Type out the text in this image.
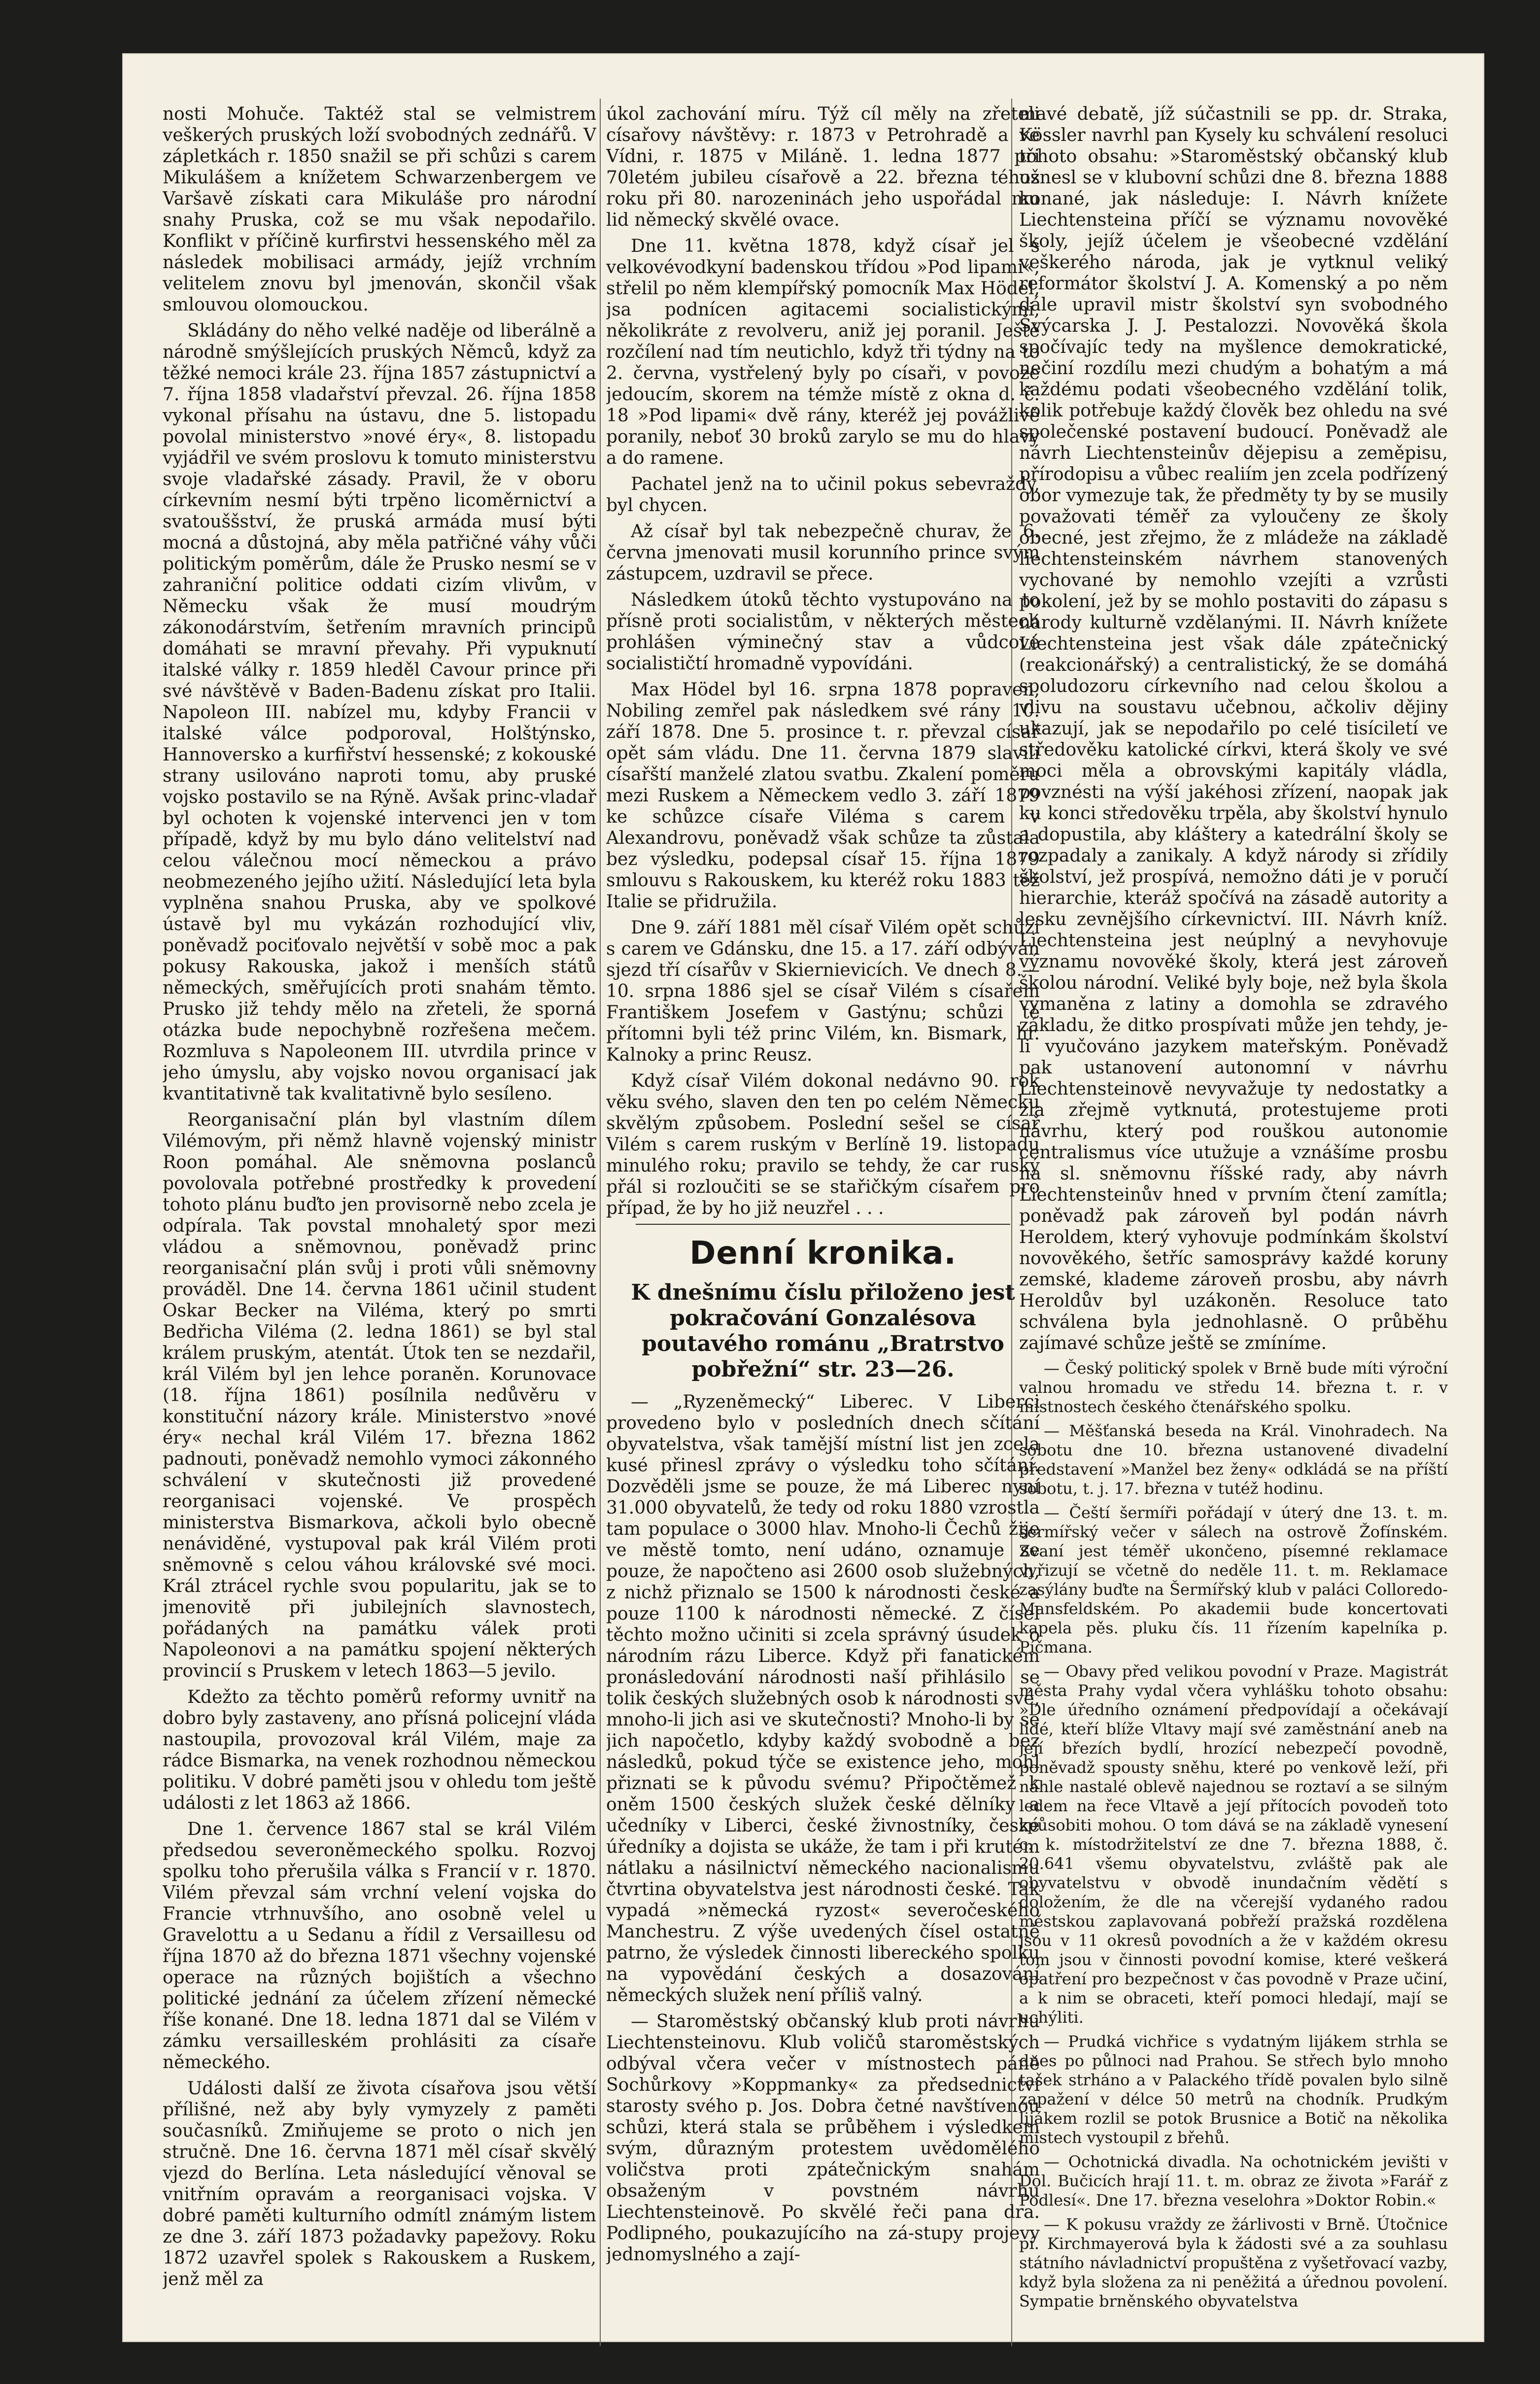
nosti Mohuče. Taktéž stal se velmistrem veškerých pruských loží svobodných zednářů. V zápletkách r. 1850 snažil se při schůzi s carem Mikulášem a knížetem Schwarzenbergem ve Varšavě získati cara Mikuláše pro národní snahy Pruska, což se mu však nepodařilo. Konflikt v příčině kurfirstvi hessenského měl za následek mobilisaci armády, jejíž vrchním velitelem znovu byl jmenován, skončil však smlouvou olomouckou.

Skládány do něho velké naděje od liberálně a národně smýšlejících pruských Němců, když za těžké nemoci krále 23. října 1857 zástupnictví a 7. října 1858 vladařství převzal. 26. října 1858 vykonal přísahu na ústavu, dne 5. listopadu povolal ministerstvo »nové éry«, 8. listopadu vyjádřil ve svém proslovu k tomuto ministerstvu svoje vladařské zásady. Pravil, že v oboru církevním nesmí býti trpěno licoměrnictví a svatouššství, že pruská armáda musí býti mocná a důstojná, aby měla patřičné váhy vůči politickým poměrům, dále že Prusko nesmí se v zahraniční politice oddati cizím vlivům, v Německu však že musí moudrým zákonodárstvím, šetřením mravních principů domáhati se mravní převahy. Při vypuknutí italské války r. 1859 hleděl Cavour prince při své návštěvě v Baden-Badenu získat pro Italii. Napoleon III. nabízel mu, kdyby Francii v italské válce podporoval, Holštýnsko, Hannoversko a kurfiřství hessenské; z kokouské strany usilováno naproti tomu, aby pruské vojsko postavilo se na Rýně. Avšak princ-vladař byl ochoten k vojenské intervenci jen v tom případě, když by mu bylo dáno velitelství nad celou válečnou mocí německou a právo neobmezeného jejího užití. Následující leta byla vyplněna snahou Pruska, aby ve spolkové ústavě byl mu vykázán rozhodující vliv, poněvadž pociťovalo největší v sobě moc a pak pokusy Rakouska, jakož i menších států německých, směřujících proti snahám těmto. Prusko již tehdy mělo na zřeteli, že sporná otázka bude nepochybně rozřešena mečem. Rozmluva s Napoleonem III. utvrdila prince v jeho úmyslu, aby vojsko novou organisací jak kvantitativně tak kvalitativně bylo sesíleno.

Reorganisační plán byl vlastním dílem Vilémovým, při němž hlavně vojenský ministr Roon pomáhal. Ale sněmovna poslanců povolovala potřebné prostředky k provedení tohoto plánu buďto jen provisorně nebo zcela je odpírala. Tak povstal mnohaletý spor mezi vládou a sněmovnou, poněvadž princ reorganisační plán svůj i proti vůli sněmovny prováděl. Dne 14. června 1861 učinil student Oskar Becker na Viléma, který po smrti Bedřicha Viléma (2. ledna 1861) se byl stal králem pruským, atentát. Útok ten se nezdařil, král Vilém byl jen lehce poraněn. Korunovace (18. října 1861) posílnila nedůvěru v konstituční názory krále. Ministerstvo »nové éry« nechal král Vilém 17. března 1862 padnouti, poněvadž nemohlo vymoci zákonného schválení v skutečnosti již provedené reorganisaci vojenské. Ve prospěch ministerstva Bismarkova, ačkoli bylo obecně nenáviděné, vystupoval pak král Vilém proti sněmovně s celou váhou královské své moci. Král ztrácel rychle svou popularitu, jak se to jmenovitě při jubilejních slavnostech, pořádaných na památku válek proti Napoleonovi a na památku spojení některých provincií s Pruskem v letech 1863—5 jevilo.

Kdežto za těchto poměrů reformy uvnitř na dobro byly zastaveny, ano přísná policejní vláda nastoupila, provozoval král Vilém, maje za rádce Bismarka, na venek rozhodnou německou politiku. V dobré paměti jsou v ohledu tom ještě události z let 1863 až 1866.

Dne 1. července 1867 stal se král Vilém předsedou severoněmeckého spolku. Rozvoj spolku toho přerušila válka s Francií v r. 1870. Vilém převzal sám vrchní velení vojska do Francie vtrhnuvšího, ano osobně velel u Gravelottu a u Sedanu a řídil z Versaillesu od října 1870 až do března 1871 všechny vojenské operace na různých bojištích a všechno politické jednání za účelem zřízení německé říše konané. Dne 18. ledna 1871 dal se Vilém v zámku versailleském prohlásiti za císaře německého.

Události další ze života císařova jsou větší přílišné, než aby byly vymyzely z paměti současníků. Zmiňujeme se proto o nich jen stručně. Dne 16. června 1871 měl císař skvělý vjezd do Berlína. Leta následující věnoval se vnitřním opravám a reorganisaci vojska. V dobré paměti kulturního odmítl známým listem ze dne 3. září 1873 požadavky papežovy. Roku 1872 uzavřel spolek s Rakouskem a Ruskem, jenž měl za

úkol zachování míru. Týž cíl měly na zřeteli císařovy návštěvy: r. 1873 v Petrohradě a ve Vídni, r. 1875 v Miláně. 1. ledna 1877 při 70letém jubileu císařově a 22. března téhož roku při 80. narozeninách jeho uspořádal mu lid německý skvělé ovace.

Dne 11. května 1878, když císař jel s velkovévodkyní badenskou třídou »Pod lipami«, střelil po něm klempířský pomocník Max Hödel, jsa podnícen agitacemi socialistickými, několikráte z revolveru, aniž jej poranil. Ještě rozčílení nad tím neutichlo, když tři týdny na to 2. června, vystřelený byly po císaři, v povoze jedoucím, skorem na témže místě z okna d. č. 18 »Pod lipami« dvě rány, kteréž jej povážlivě poranily, neboť 30 broků zarylo se mu do hlavy a do ramene.

Pachatel jenž na to učinil pokus sebevraždy, byl chycen.

Až císař byl tak nebezpečně churav, že 6. června jmenovati musil korunního prince svým zástupcem, uzdravil se přece.

Následkem útoků těchto vystupováno na to přísně proti socialistům, v některých městech prohlášen výminečný stav a vůdcové socialističtí hromadně vypovídáni.

Max Hödel byl 16. srpna 1878 popraven, Nobiling zemřel pak následkem své rány 10. září 1878. Dne 5. prosince t. r. převzal císař opět sám vládu. Dne 11. června 1879 slavili císařští manželé zlatou svatbu. Zkalení poměru mezi Ruskem a Německem vedlo 3. září 1879 ke schůzce císaře Viléma s carem v Alexandrovu, poněvadž však schůze ta zůstala bez výsledku, podepsal císař 15. října 1879 smlouvu s Rakouskem, ku kteréž roku 1883 též Italie se přidružila.

Dne 9. září 1881 měl císař Vilém opět schůzi s carem ve Gdánsku, dne 15. a 17. září odbýván sjezd tří císařův v Skiernievicích. Ve dnech 8.—10. srpna 1886 sjel se císař Vilém s císařem Františkem Josefem v Gastýnu; schůzi té přítomni byli též princ Vilém, kn. Bismark, hr. Kalnoky a princ Reusz.

Když císař Vilém dokonal nedávno 90. rok věku svého, slaven den ten po celém Německu skvělým způsobem. Poslední sešel se císař Vilém s carem ruským v Berlíně 19. listopadu minulého roku; pravilo se tehdy, že car ruský přál si rozloučiti se se stařičkým císařem pro případ, že by ho již neuzřel . . .

Denní kronika.
K dnešnímu číslu přiloženo jest pokračování Gonzalésova poutavého románu „Bratrstvo pobřežní“ str. 23—26.

— „Ryzeněmecký“ Liberec. V Liberci provedeno bylo v posledních dnech sčítání obyvatelstva, však tamější místní list jen zcela kusé přinesl zprávy o výsledku toho sčítání. Dozvěděli jsme se pouze, že má Liberec nyní 31.000 obyvatelů, že tedy od roku 1880 vzrostla tam populace o 3000 hlav. Mnoho-li Čechů žije ve městě tomto, není udáno, oznamuje se pouze, že napočteno asi 2600 osob služebných, z nichž přiznalo se 1500 k národnosti české a pouze 1100 k národnosti německé. Z čísel těchto možno učiniti si zcela správný úsudek o národním rázu Liberce. Když při fanatickém pronásledování národnosti naší přihlásilo se tolik českých služebných osob k národnosti své, mnoho-li jich asi ve skutečnosti? Mnoho-li by se jich napočetlo, kdyby každý svobodně a bez následků, pokud týče se existence jeho, mohl přiznati se k původu svému? Připočtěmež k oněm 1500 českých služek české dělníky a učedníky v Liberci, české živnostníky, české úředníky a dojista se ukáže, že tam i při krutém nátlaku a násilnictví německého nacionalismu čtvrtina obyvatelstva jest národnosti české. Tak vypadá »německá ryzost« severočeského Manchestru. Z výše uvedených čísel ostatně patrno, že výsledek činnosti libereckého spolku na vypovědání českých a dosazování německých služek není příliš valný.

— Staroměstský občanský klub proti návrhu Liechtensteinovu. Klub voličů staroměstských odbýval včera večer v místnostech páně Sochůrkovy »Koppmanky« za předsednictví starosty svého p. Jos. Dobra četné navštívenou schůzi, která stala se průběhem i výsledkem svým, důrazným protestem uvědomělého voličstva proti zpátečnickým snahám obsaženým v povstném návrhu Liechtensteinově. Po skvělé řeči pana dra. Podlipného, poukazujícího na zá-stupy projevy jednomyslného a zají-

mavé debatě, jíž súčastnili se pp. dr. Straka, Kössler navrhl pan Kysely ku schválení resoluci tohoto obsahu: »Staroměstský občanský klub usnesl se v klubovní schůzi dne 8. března 1888 konané, jak následuje: I. Návrh knížete Liechtensteina příčí se významu novověké školy, jejíž účelem je všeobecné vzdělání veškerého národa, jak je vytknul veliký reformátor školství J. A. Komenský a po něm dále upravil mistr školství syn svobodného Švýcarska J. J. Pestalozzi. Novověká škola spočívajíc tedy na myšlence demokratické, nečiní rozdílu mezi chudým a bohatým a má každému podati všeobecného vzdělání tolik, kolik potřebuje každý člověk bez ohledu na své společenské postavení budoucí. Poněvadž ale návrh Liechtensteinův dějepisu a zeměpisu, přírodopisu a vůbec realiím jen zcela podřízený obor vymezuje tak, že předměty ty by se musily považovati téměř za vyloučeny ze školy obecné, jest zřejmo, že z mládeže na základě liechtensteinském návrhem stanovených vychované by nemohlo vzejíti a vzrůsti pokolení, jež by se mohlo postaviti do zápasu s národy kulturně vzdělanými. II. Návrh knížete Liechtensteina jest však dále zpátečnický (reakcionářský) a centralistický, že se domáhá spoludozoru církevního nad celou školou a vlivu na soustavu učebnou, ačkoliv dějiny ukazují, jak se nepodařilo po celé tisíciletí ve středověku katolické církvi, která školy ve své moci měla a obrovskými kapitály vládla, povznésti na výší jakéhosi zřízení, naopak jak ku konci středověku trpěla, aby školství hynulo a dopustila, aby kláštery a katedrální školy se rozpadaly a zanikaly. A když národy si zřídily školství, jež prospívá, nemožno dáti je v poručí hierarchie, kteráž spočívá na zásadě autority a lesku zevnějšího církevnictví. III. Návrh kníž. Liechtensteina jest neúplný a nevyhovuje významu novověké školy, která jest zároveň školou národní. Veliké byly boje, než byla škola vymaněna z latiny a domohla se zdravého základu, že ditko prospívati může jen tehdy, je-li vyučováno jazykem mateřským. Poněvadž pak ustanovení autonomní v návrhu Liechtensteinově nevyvažuje ty nedostatky a zla zřejmě vytknutá, protestujeme proti návrhu, který pod rouškou autonomie centralismus více utužuje a vznášíme prosbu na sl. sněmovnu říšské rady, aby návrh Liechtensteinův hned v prvním čtení zamítla; poněvadž pak zároveň byl podán návrh Heroldem, který vyhovuje podmínkám školství novověkého, šetříc samosprávy každé koruny zemské, klademe zároveň prosbu, aby návrh Heroldův byl uzákoněn. Resoluce tato schválena byla jednohlasně. O průběhu zajímavé schůze ještě se zmíníme.

— Český politický spolek v Brně bude míti výroční valnou hromadu ve středu 14. března t. r. v místnostech českého čtenářského spolku.

— Měšťanská beseda na Král. Vinohradech. Na sobotu dne 10. března ustanovené divadelní představení »Manžel bez ženy« odkládá se na příští sobotu, t. j. 17. března v tutéž hodinu.

— Čeští šermíři pořádají v úterý dne 13. t. m. šermířský večer v sálech na ostrově Žofínském. Zvaní jest téměř ukončeno, písemné reklamace vyřizují se včetně do neděle 11. t. m. Reklamace zasýlány buďte na Šermířský klub v paláci Colloredo-Mansfeldském. Po akademii bude koncertovati kapela pěs. pluku čís. 11 řízením kapelníka p. Píčmana.

— Obavy před velikou povodní v Praze. Magistrát města Prahy vydal včera vyhlášku tohoto obsahu: »Dle úředního oznámení předpovídají a očekávají lidé, kteří blíže Vltavy mají své zaměstnání aneb na její březích bydlí, hrozící nebezpečí povodně, poněvadž spousty sněhu, které po venkově leží, při náhle nastalé oblevě najednou se roztaví a se silným ledem na řece Vltavě a její přítocích povodeň toto způsobiti mohou. O tom dává se na základě vynesení c. k. místodržitelství ze dne 7. března 1888, č. 20.641 všemu obyvatelstvu, zvláště pak ale obyvatelstvu v obvodě inundačním vědětí s doložením, že dle na včerejší vydaného radou městskou zaplavovaná pobřeží pražská rozdělena jsou v 11 okresů povodních a že v každém okresu tom jsou v činnosti povodní komise, které veškerá opatření pro bezpečnost v čas povodně v Praze učiní, a k nim se obraceti, kteří pomoci hledají, mají se uchýliti.

— Prudká vichřice s vydatným lijákem strhla se dnes po půlnoci nad Prahou. Se střech bylo mnoho tašek strháno a v Palackého třídě povalen bylo silně zapažení v délce 50 metrů na chodník. Prudkým lijákem rozlil se potok Brusnice a Botič na několika místech vystoupil z břehů.

— Ochotnická divadla. Na ochotnickém jevišti v Dol. Bučicích hrají 11. t. m. obraz ze života »Farář z Podlesí«. Dne 17. března veselohra »Doktor Robin.«

— K pokusu vraždy ze žárlivosti v Brně. Útočnice pí. Kirchmayerová byla k žádosti své a za souhlasu státního návladnictví propuštěna z vyšetřovací vazby, když byla složena za ni peněžitá a úřednou povolení. Sympatie brněnského obyvatelstva
